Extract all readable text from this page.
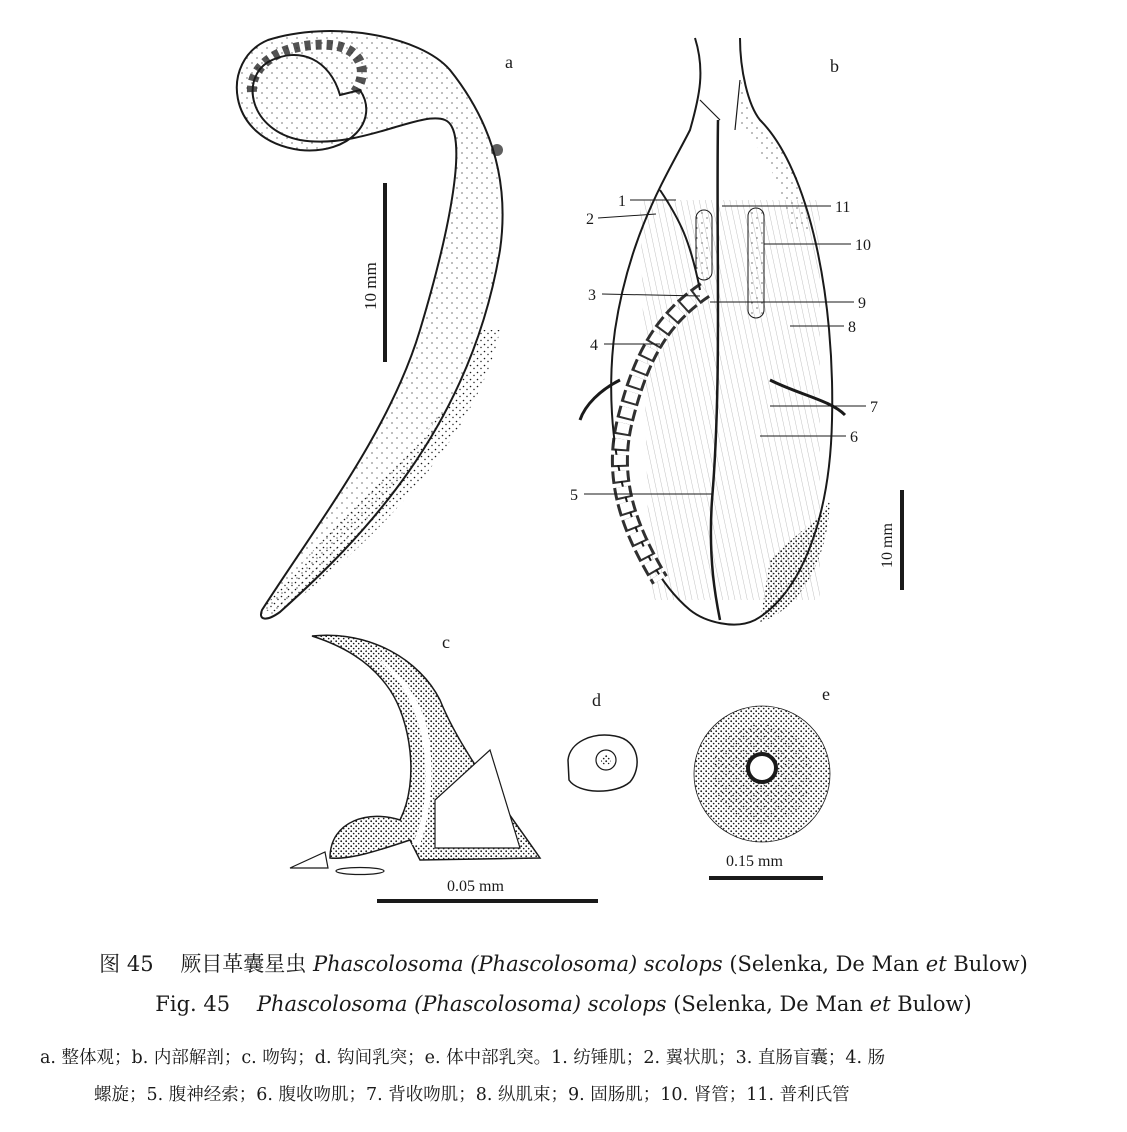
a
10 mm
b
1
2
3
4
5
6
7
8
9
10
11
10 mm
c
0.05 mm
d	e
0.15 mm
图 45 厥目革囊星虫 Phascolosoma (Phascolosoma) scolops (Selenka, De Man et Bulow)
Fig. 45 Phascolosoma (Phascolosoma) scolops (Selenka, De Man et Bulow)
a. 整体观；b. 内部解剖；c. 吻钩；d. 钩间乳突；e. 体中部乳突。1. 纺锤肌；2. 翼状肌；3. 直肠盲囊；4. 肠
螺旋；5. 腹神经索；6. 腹收吻肌；7. 背收吻肌；8. 纵肌束；9. 固肠肌；10. 肾管；11. 普利氏管
